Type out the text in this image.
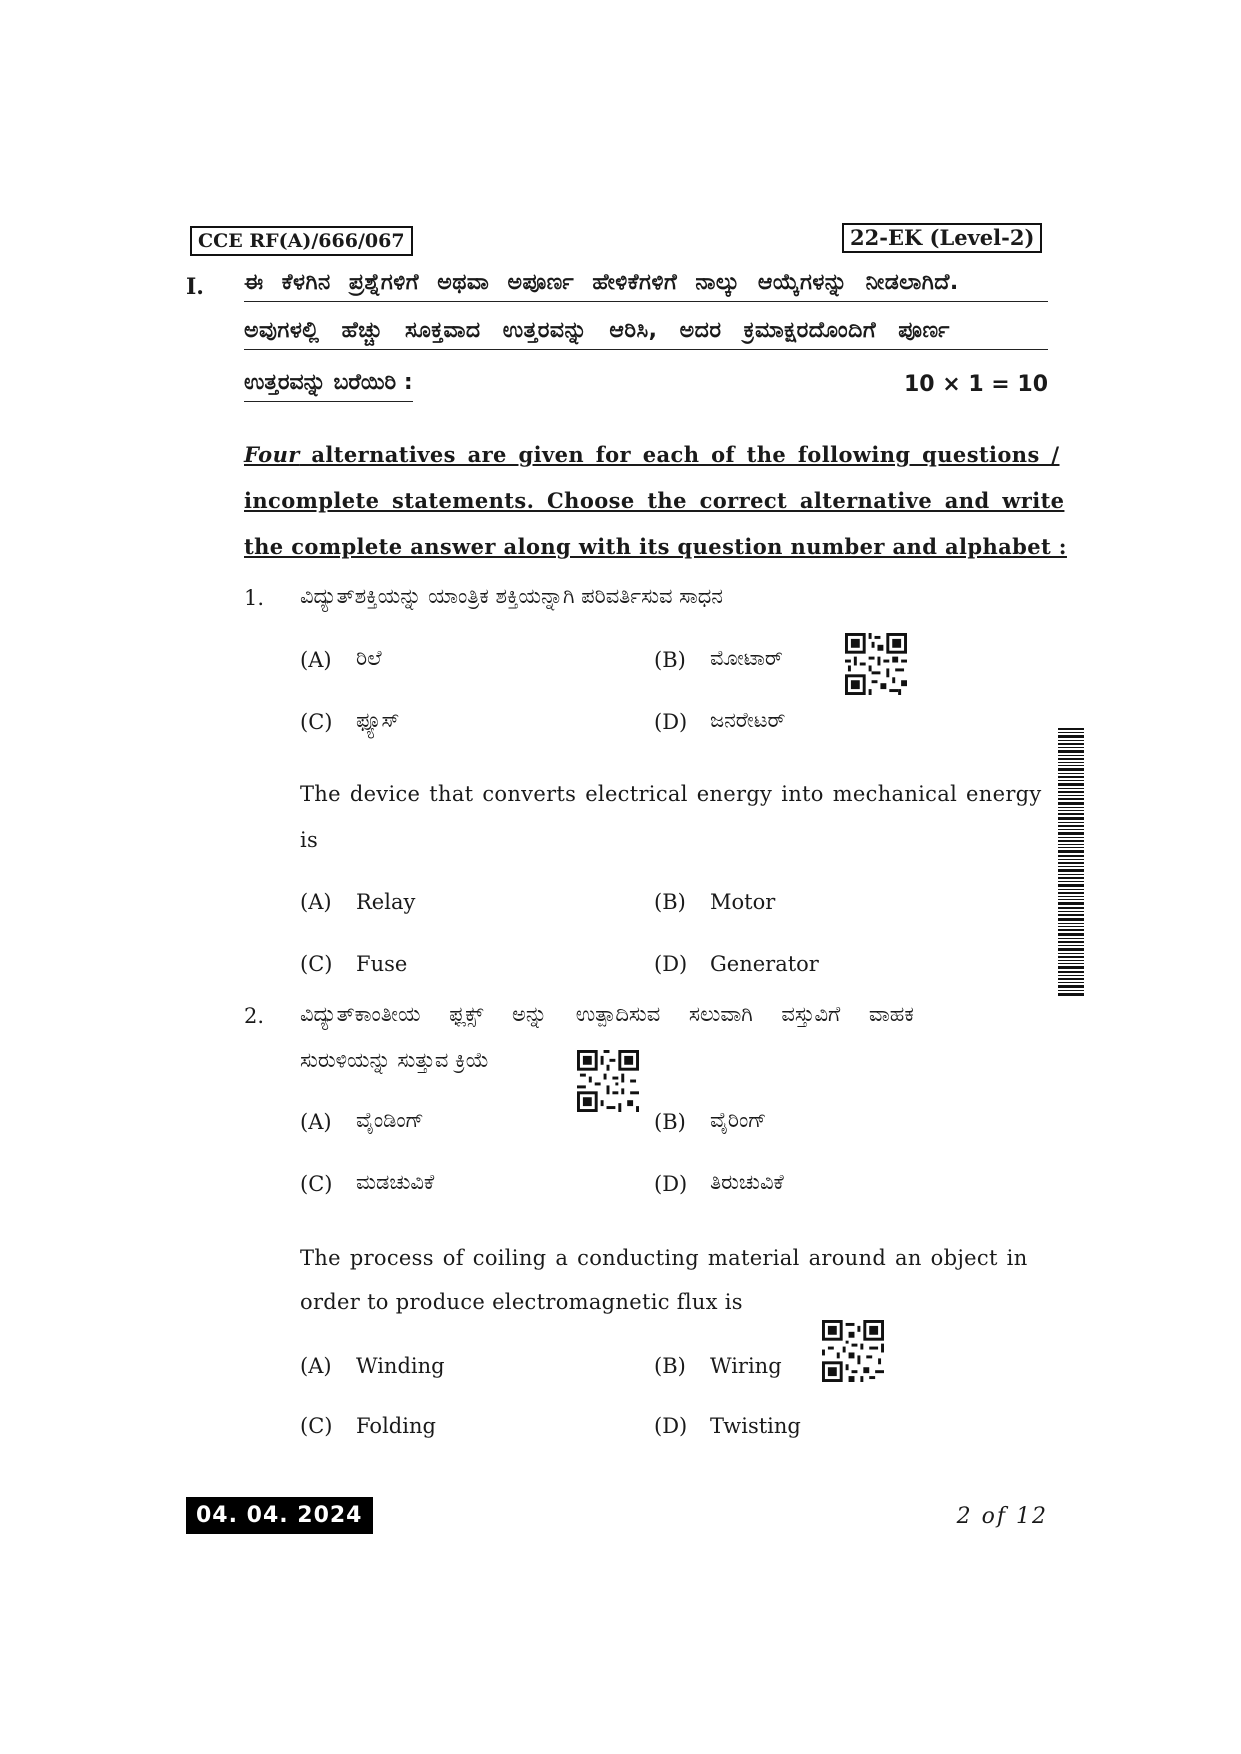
CCE RF(A)/666/067	22-EK (Level-2)
I. ಈ ಕೆಳಗಿನ ಪ್ರಶ್ನೆಗಳಿಗೆ ಅಥವಾ ಅಪೂರ್ಣ ಹೇಳಿಕೆಗಳಿಗೆ ನಾಲ್ಕು ಆಯ್ಕೆಗಳನ್ನು ನೀಡಲಾಗಿದೆ.
ಅವುಗಳಲ್ಲಿ ಹೆಚ್ಚು ಸೂಕ್ತವಾದ ಉತ್ತರವನ್ನು ಆರಿಸಿ, ಅದರ ಕ್ರಮಾಕ್ಷರದೊಂದಿಗೆ ಪೂರ್ಣ
ಉತ್ತರವನ್ನು ಬರೆಯಿರಿ :	10 × 1 = 10
Four alternatives are given for each of the following questions /
incomplete statements. Choose the correct alternative and write
the complete answer along with its question number and alphabet :
1. ವಿದ್ಯುತ್‌ಶಕ್ತಿಯನ್ನು ಯಾಂತ್ರಿಕ ಶಕ್ತಿಯನ್ನಾಗಿ ಪರಿವರ್ತಿಸುವ ಸಾಧನ
(A) ರಿಲೆ	(B) ಮೋಟಾರ್
(C) ಫ್ಯೂಸ್	(D) ಜನರೇಟರ್
The device that converts electrical energy into mechanical energy
is
(A) Relay	(B) Motor
(C) Fuse	(D) Generator
2. ವಿದ್ಯುತ್‌ಕಾಂತೀಯ ಫ್ಲಕ್ಸ್ ಅನ್ನು ಉತ್ಪಾದಿಸುವ ಸಲುವಾಗಿ ವಸ್ತುವಿಗೆ ವಾಹಕ
ಸುರುಳಿಯನ್ನು ಸುತ್ತುವ ಕ್ರಿಯೆ
(A) ವೈಂಡಿಂಗ್	(B) ವೈರಿಂಗ್
(C) ಮಡಚುವಿಕೆ	(D) ತಿರುಚುವಿಕೆ
The process of coiling a conducting material around an object in
order to produce electromagnetic flux is
(A) Winding	(B) Wiring
(C) Folding	(D) Twisting
04. 04. 2024	2 of 12
